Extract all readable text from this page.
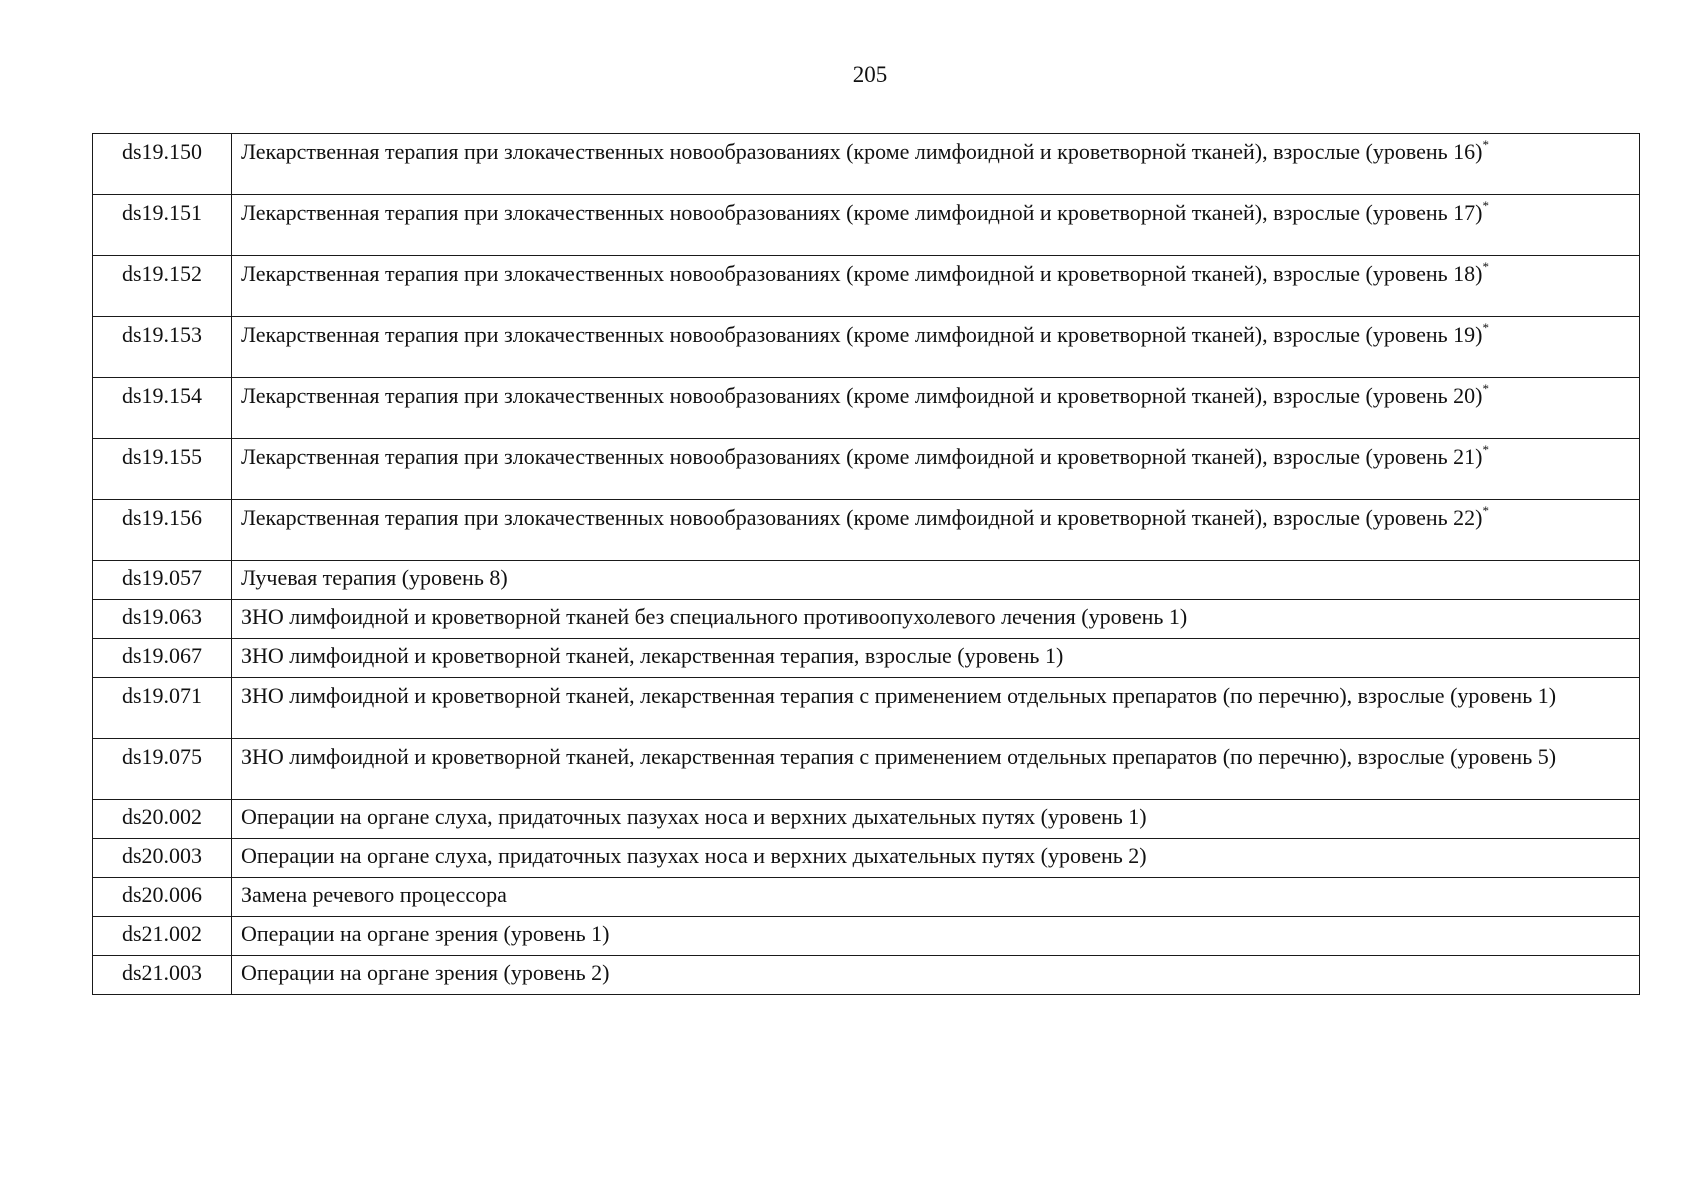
205
ds19.150	Лекарственная терапия при злокачественных новообразованиях (кроме лимфоидной и кроветворной тканей), взрослые (уровень 16)*
ds19.151	Лекарственная терапия при злокачественных новообразованиях (кроме лимфоидной и кроветворной тканей), взрослые (уровень 17)*
ds19.152	Лекарственная терапия при злокачественных новообразованиях (кроме лимфоидной и кроветворной тканей), взрослые (уровень 18)*
ds19.153	Лекарственная терапия при злокачественных новообразованиях (кроме лимфоидной и кроветворной тканей), взрослые (уровень 19)*
ds19.154	Лекарственная терапия при злокачественных новообразованиях (кроме лимфоидной и кроветворной тканей), взрослые (уровень 20)*
ds19.155	Лекарственная терапия при злокачественных новообразованиях (кроме лимфоидной и кроветворной тканей), взрослые (уровень 21)*
ds19.156	Лекарственная терапия при злокачественных новообразованиях (кроме лимфоидной и кроветворной тканей), взрослые (уровень 22)*
ds19.057	Лучевая терапия (уровень 8)
ds19.063	ЗНО лимфоидной и кроветворной тканей без специального противоопухолевого лечения (уровень 1)
ds19.067	ЗНО лимфоидной и кроветворной тканей, лекарственная терапия, взрослые (уровень 1)
ds19.071	ЗНО лимфоидной и кроветворной тканей, лекарственная терапия с применением отдельных препаратов (по перечню), взрослые (уровень 1)
ds19.075	ЗНО лимфоидной и кроветворной тканей, лекарственная терапия с применением отдельных препаратов (по перечню), взрослые (уровень 5)
ds20.002	Операции на органе слуха, придаточных пазухах носа и верхних дыхательных путях (уровень 1)
ds20.003	Операции на органе слуха, придаточных пазухах носа и верхних дыхательных путях (уровень 2)
ds20.006	Замена речевого процессора
ds21.002	Операции на органе зрения (уровень 1)
ds21.003	Операции на органе зрения (уровень 2)
